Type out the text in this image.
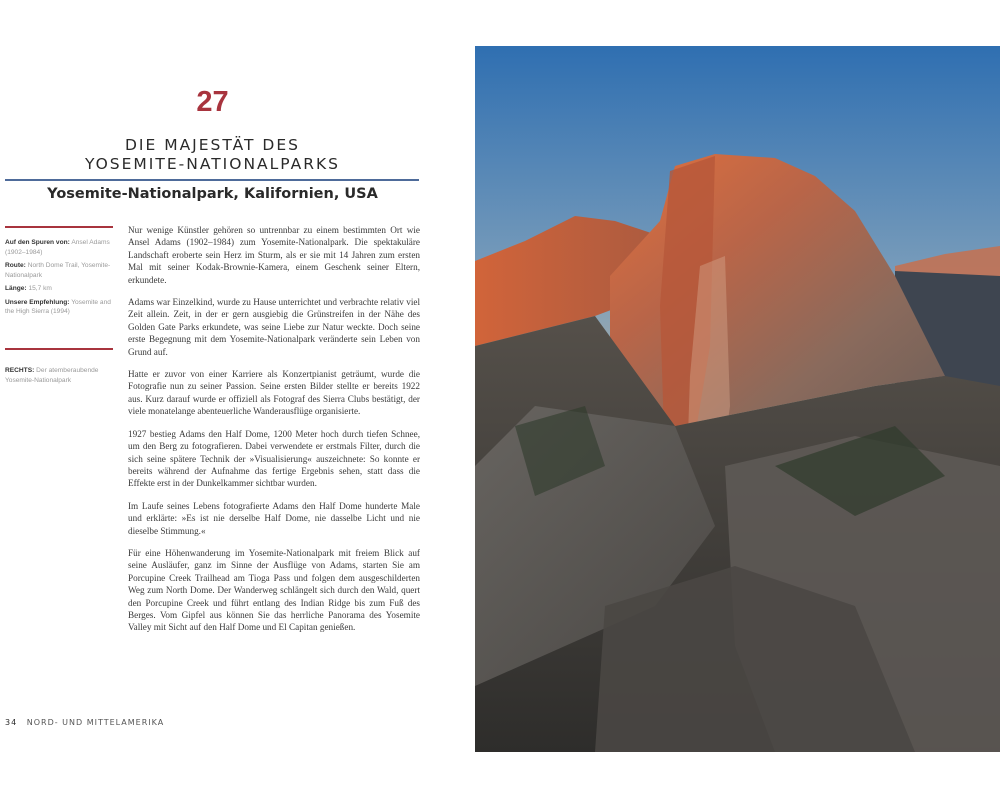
27
DIE MAJESTÄT DES
YOSEMITE-NATIONALPARKS
Yosemite-Nationalpark, Kalifornien, USA
Auf den Spuren von: Ansel Adams (1902–1984)
Route: North Dome Trail, Yosemite-Nationalpark
Länge: 15,7 km
Unsere Empfehlung: Yosemite and the High Sierra (1994)
RECHTS: Der atemberaubende Yosemite-Nationalpark

Nur wenige Künstler gehören so untrennbar zu einem bestimmten Ort wie Ansel Adams (1902–1984) zum Yosemite-Nationalpark. Die spektakuläre Landschaft eroberte sein Herz im Sturm, als er sie mit 14 Jahren zum ersten Mal mit seiner Kodak-Brownie-Kamera, einem Geschenk seiner Eltern, erkundete.

Adams war Einzelkind, wurde zu Hause unterrichtet und verbrachte relativ viel Zeit allein. Zeit, in der er gern ausgiebig die Grünstreifen in der Nähe des Golden Gate Parks erkundete, was seine Liebe zur Natur weckte. Doch seine erste Begegnung mit dem Yosemite-Nationalpark veränderte sein Leben von Grund auf.

Hatte er zuvor von einer Karriere als Konzertpianist geträumt, wurde die Fotografie nun zu seiner Passion. Seine ersten Bilder stellte er bereits 1922 aus. Kurz darauf wurde er offiziell als Fotograf des Sierra Clubs bestätigt, der viele monatelange abenteuerliche Wanderausflüge organisierte.

1927 bestieg Adams den Half Dome, 1200 Meter hoch durch tiefen Schnee, um den Berg zu fotografieren. Dabei verwendete er erstmals Filter, durch die sich seine spätere Technik der »Visualisierung« auszeichnete: So konnte er bereits während der Aufnahme das fertige Ergebnis sehen, statt dass die Effekte erst in der Dunkelkammer sichtbar wurden.

Im Laufe seines Lebens fotografierte Adams den Half Dome hunderte Male und erklärte: »Es ist nie derselbe Half Dome, nie dasselbe Licht und nie dieselbe Stimmung.«

Für eine Höhenwanderung im Yosemite-Nationalpark mit freiem Blick auf seine Ausläufer, ganz im Sinne der Ausflüge von Adams, starten Sie am Porcupine Creek Trailhead am Tioga Pass und folgen dem ausgeschilderten Weg zum North Dome. Der Wanderweg schlängelt sich durch den Wald, quert den Porcupine Creek und führt entlang des Indian Ridge bis zum Fuß des Berges. Vom Gipfel aus können Sie das herrliche Panorama des Yosemite Valley mit Sicht auf den Half Dome und El Capitan genießen.

34 NORD- UND MITTELAMERIKA
